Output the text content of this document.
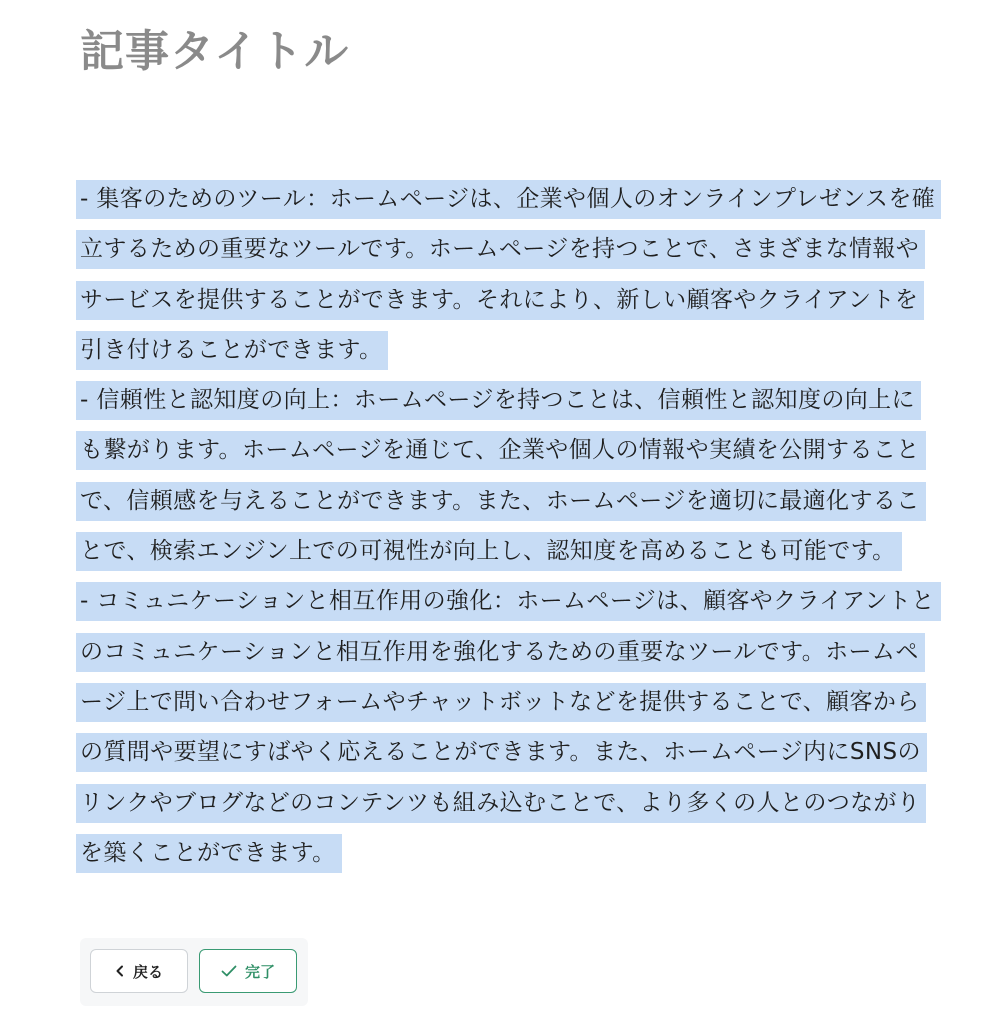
記事タイトル

- 集客のためのツール：ホームページは、企業や個人のオンラインプレゼンスを確立するための重要なツールです。ホームページを持つことで、さまざまな情報やサービスを提供することができます。それにより、新しい顧客やクライアントを引き付けることができます。

- 信頼性と認知度の向上：ホームページを持つことは、信頼性と認知度の向上にも繋がります。ホームページを通じて、企業や個人の情報や実績を公開することで、信頼感を与えることができます。また、ホームページを適切に最適化することで、検索エンジン上での可視性が向上し、認知度を高めることも可能です。

- コミュニケーションと相互作用の強化：ホームページは、顧客やクライアントとのコミュニケーションと相互作用を強化するための重要なツールです。ホームページ上で問い合わせフォームやチャットボットなどを提供することで、顧客からの質問や要望にすばやく応えることができます。また、ホームページ内にSNSのリンクやブログなどのコンテンツも組み込むことで、より多くの人とのつながりを築くことができます。

戻る	完了
